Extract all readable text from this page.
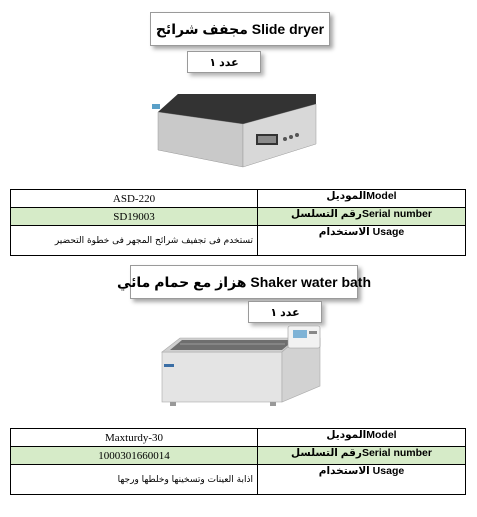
مجفف شرائح Slide dryer
عدد ١
ASD-220	الموديلModel
SD19003	رقم التسلسلSerial number
تستخدم فى تجفيف شرائح المجهر فى خطوة التحضير	الاستخدام Usage
هزاز مع حمام مائي Shaker water bath
عدد ١
Maxturdy-30	الموديلModel
1000301660014	رقم التسلسلSerial number
اذابة العينات وتسخينها وخلطها ورجها	الاستخدام Usage
